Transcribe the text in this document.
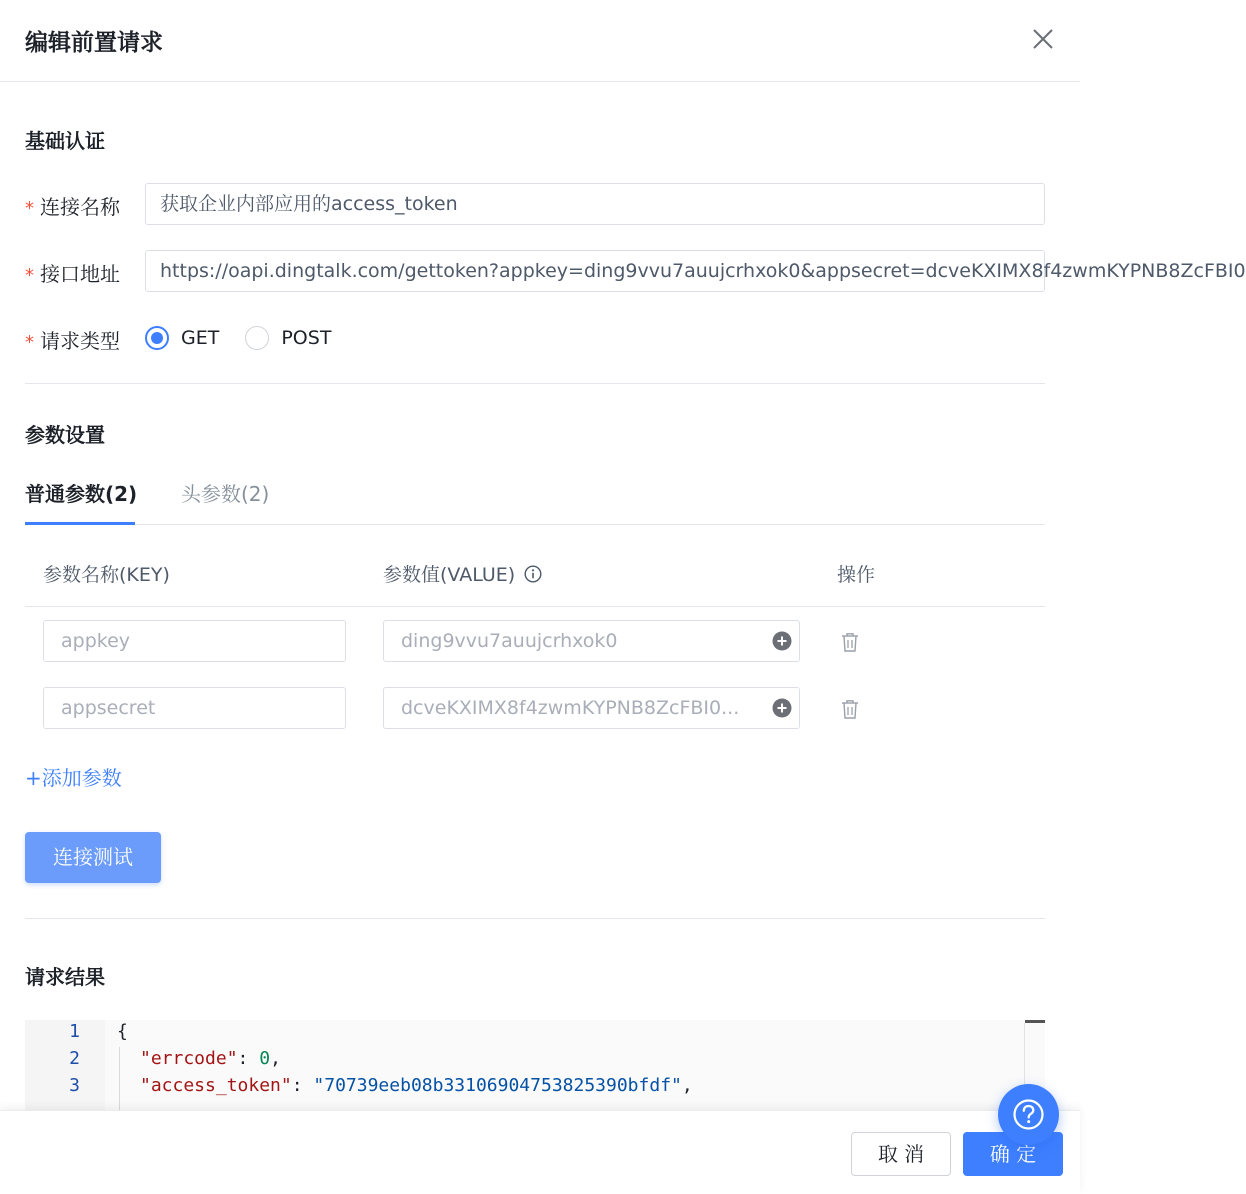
编辑前置请求
基础认证
* 连接名称	获取企业内部应用的access_token
* 接口地址	https://oapi.dingtalk.com/gettoken?appkey=ding9vvu7auujcrhxok0&appsecret=dcveKXIMX8f4zwmKYPNB8ZcFBI0
* 请求类型	GET	POST
参数设置
普通参数(2) 头参数(2)
参数名称(KEY)	参数值(VALUE)	操作
appkey	ding9vvu7auujcrhxok0
appsecret	dcveKXIMX8f4zwmKYPNB8ZcFBI0...
+添加参数
连接测试
请求结果
1 {
2	"errcode": 0,
3	"access_token": "70739eeb08b33106904753825390bfdf",
取 消	确 定
